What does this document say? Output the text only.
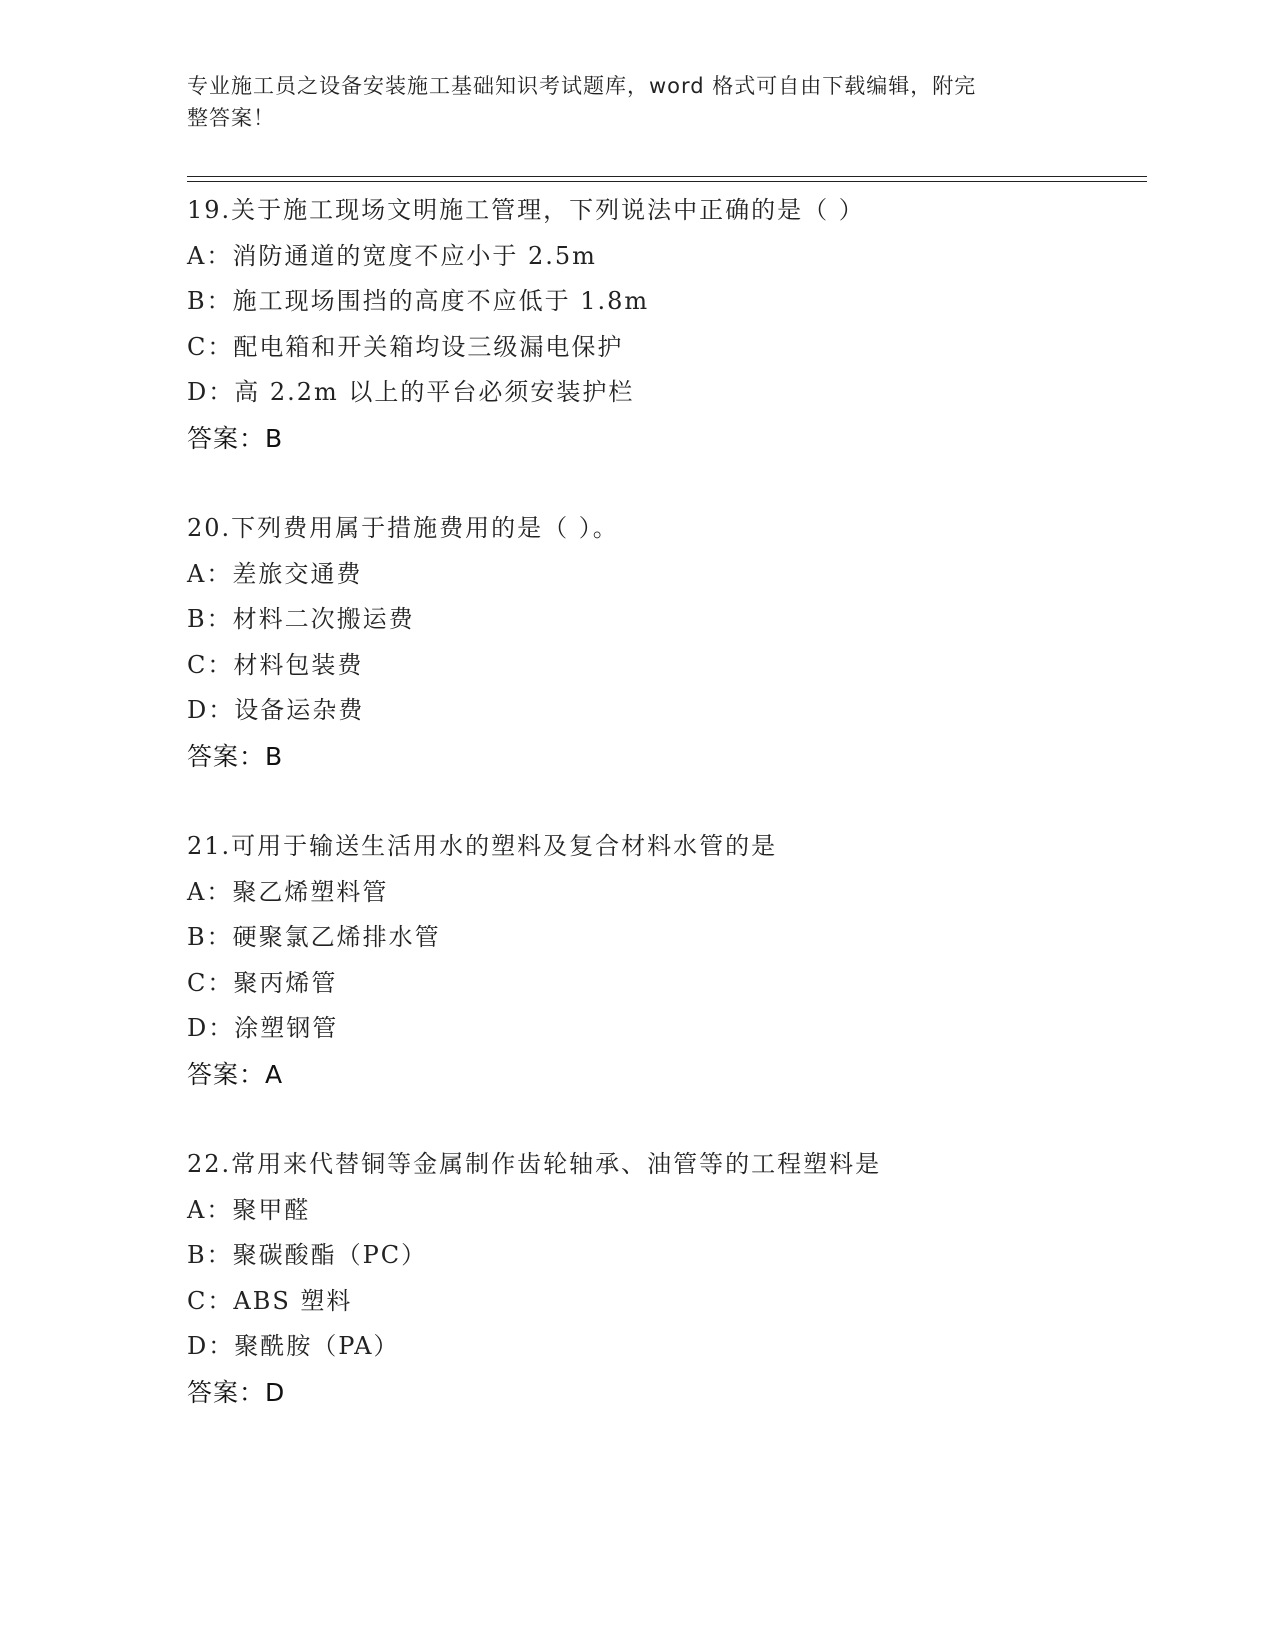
专业施工员之设备安装施工基础知识考试题库，word 格式可自由下载编辑，附完
整答案！
19.关于施工现场文明施工管理，下列说法中正确的是（ ）
A：消防通道的宽度不应小于 2.5m
B：施工现场围挡的高度不应低于 1.8m
C：配电箱和开关箱均设三级漏电保护
D：高 2.2m 以上的平台必须安装护栏
答案：B
20.下列费用属于措施费用的是（ ）。
A：差旅交通费
B：材料二次搬运费
C：材料包装费
D：设备运杂费
答案：B
21.可用于输送生活用水的塑料及复合材料水管的是
A：聚乙烯塑料管
B：硬聚氯乙烯排水管
C：聚丙烯管
D：涂塑钢管
答案：A
22.常用来代替铜等金属制作齿轮轴承、油管等的工程塑料是
A：聚甲醛
B：聚碳酸酯（PC）
C：ABS 塑料
D：聚酰胺（PA）
答案：D
